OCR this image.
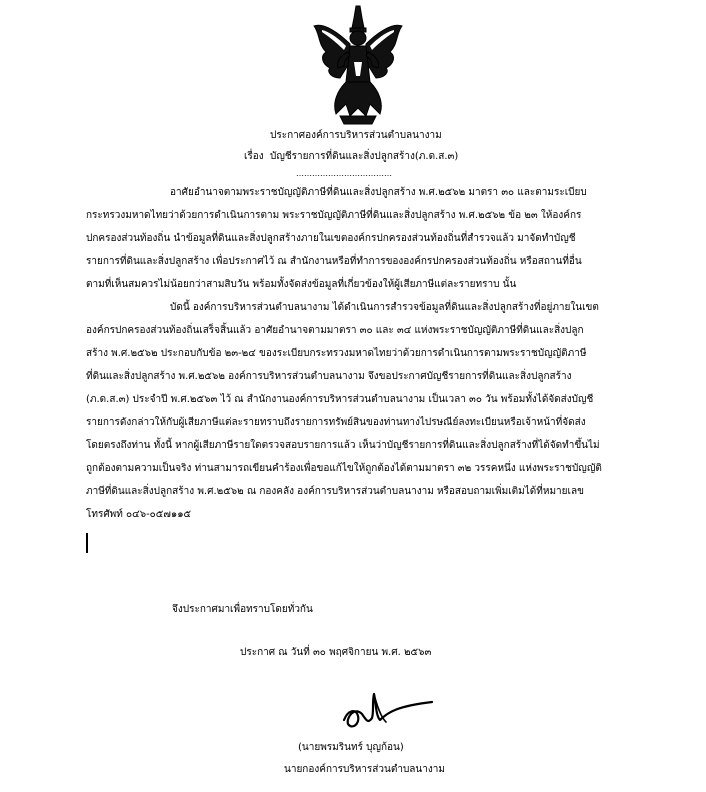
ประกาศองค์การบริหารส่วนตำบลนางาม
เรื่อง บัญชีรายการที่ดินและสิ่งปลูกสร้าง(ภ.ด.ส.๓)
………………………………
อาศัยอำนาจตามพระราชบัญญัติภาษีที่ดินและสิ่งปลูกสร้าง พ.ศ.๒๕๖๒ มาตรา ๓๐ และตามระเบียบ
กระทรวงมหาดไทยว่าด้วยการดำเนินการตาม พระราชบัญญัติภาษีที่ดินและสิ่งปลูกสร้าง พ.ศ.๒๕๖๒ ข้อ ๒๓ ให้องค์กร
ปกครองส่วนท้องถิ่น นำข้อมูลที่ดินและสิ่งปลูกสร้างภายในเขตองค์กรปกครองส่วนท้องถิ่นที่สำรวจแล้ว มาจัดทำบัญชี
รายการที่ดินและสิ่งปลูกสร้าง เพื่อประกาศไว้ ณ สำนักงานหรือที่ทำการขององค์กรปกครองส่วนท้องถิ่น หรือสถานที่อื่น
ตามที่เห็นสมควรไม่น้อยกว่าสามสิบวัน พร้อมทั้งจัดส่งข้อมูลที่เกี่ยวข้องให้ผู้เสียภาษีแต่ละรายทราบ นั้น
บัดนี้ องค์การบริหารส่วนตำบลนางาม ได้ดำเนินการสำรวจข้อมูลที่ดินและสิ่งปลูกสร้างที่อยู่ภายในเขต
องค์กรปกครองส่วนท้องถิ่นเสร็จสิ้นแล้ว อาศัยอำนาจตามมาตรา ๓๐ และ ๓๔ แห่งพระราชบัญญัติภาษีที่ดินและสิ่งปลูก
สร้าง พ.ศ.๒๕๖๒ ประกอบกับข้อ ๒๓-๒๔ ของระเบียบกระทรวงมหาดไทยว่าด้วยการดำเนินการตามพระราชบัญญัติภาษี
ที่ดินและสิ่งปลูกสร้าง พ.ศ.๒๕๖๒ องค์การบริหารส่วนตำบลนางาม จึงขอประกาศบัญชีรายการที่ดินและสิ่งปลูกสร้าง
(ภ.ด.ส.๓) ประจำปี พ.ศ.๒๕๖๓ ไว้ ณ สำนักงานองค์การบริหารส่วนตำบลนางาม เป็นเวลา ๓๐ วัน พร้อมทั้งได้จัดส่งบัญชี
รายการดังกล่าวให้กับผู้เสียภาษีแต่ละรายทราบถึงรายการทรัพย์สินของท่านทางไปรษณีย์ลงทะเบียนหรือเจ้าหน้าที่จัดส่ง
โดยตรงถึงท่าน ทั้งนี้ หากผู้เสียภาษีรายใดตรวจสอบรายการแล้ว เห็นว่าบัญชีรายการที่ดินและสิ่งปลูกสร้างที่ได้จัดทำขึ้นไม่
ถูกต้องตามความเป็นจริง ท่านสามารถเขียนคำร้องเพื่อขอแก้ไขให้ถูกต้องได้ตามมาตรา ๓๒ วรรคหนึ่ง แห่งพระราชบัญญัติ
ภาษีที่ดินและสิ่งปลูกสร้าง พ.ศ.๒๕๖๒ ณ กองคลัง องค์การบริหารส่วนตำบลนางาม หรือสอบถามเพิ่มเติมได้ที่หมายเลข
โทรศัพท์ ๐๔๖-๐๕๗๑๑๕
จึงประกาศมาเพื่อทราบโดยทั่วกัน
ประกาศ ณ วันที่ ๓๐ พฤศจิกายน พ.ศ. ๒๕๖๓
(นายพรมรินทร์ บุญก้อน)
นายกองค์การบริหารส่วนตำบลนางาม
